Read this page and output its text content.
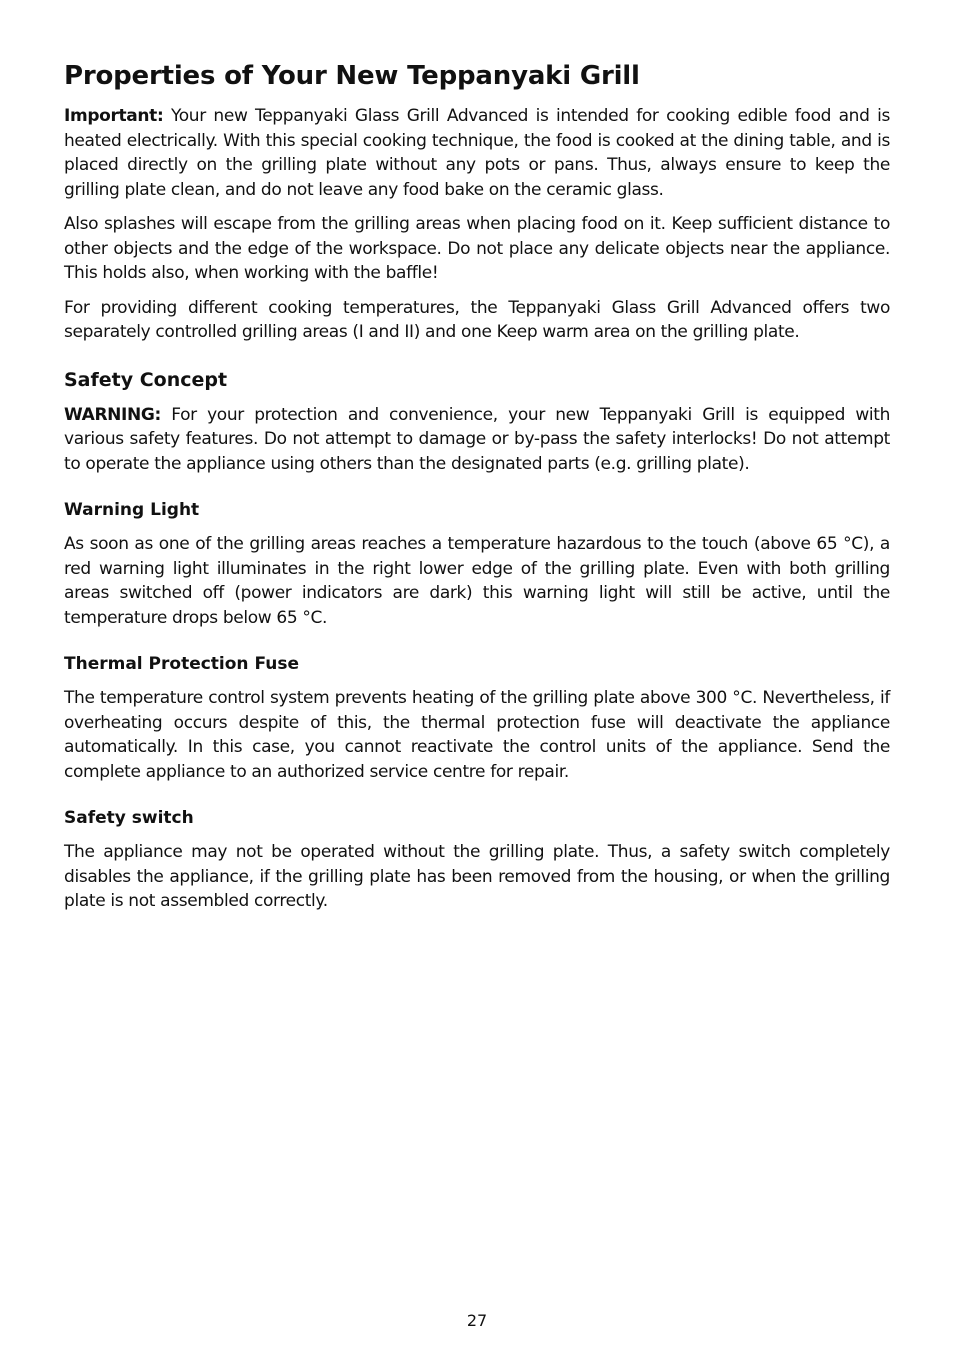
Properties of Your New Teppanyaki Grill

Important: Your new Teppanyaki Glass Grill Advanced is intended for cooking edible food and is heated electrically. With this special cooking technique, the food is cooked at the dining table, and is placed directly on the grilling plate without any pots or pans. Thus, always ensure to keep the grilling plate clean, and do not leave any food bake on the ceramic glass.

Also splashes will escape from the grilling areas when placing food on it. Keep sufficient distance to other objects and the edge of the workspace. Do not place any delicate objects near the appliance. This holds also, when working with the baffle!

For providing different cooking temperatures, the Teppanyaki Glass Grill Advanced offers two separately controlled grilling areas (I and II) and one Keep warm area on the grilling plate.

Safety Concept

WARNING: For your protection and convenience, your new Teppanyaki Grill is equipped with various safety features. Do not attempt to damage or by-pass the safety interlocks! Do not attempt to operate the appliance using others than the designated parts (e.g. grilling plate).

Warning Light

As soon as one of the grilling areas reaches a temperature hazardous to the touch (above 65 °C), a red warning light illuminates in the right lower edge of the grilling plate. Even with both grilling areas switched off (power indicators are dark) this warning light will still be active, until the temperature drops below 65 °C.

Thermal Protection Fuse

The temperature control system prevents heating of the grilling plate above 300 °C. Nevertheless, if overheating occurs despite of this, the thermal protection fuse will deactivate the appliance automatically. In this case, you cannot reactivate the control units of the appliance. Send the complete appliance to an authorized service centre for repair.

Safety switch

The appliance may not be operated without the grilling plate. Thus, a safety switch completely disables the appliance, if the grilling plate has been removed from the housing, or when the grilling plate is not assembled correctly.

27
